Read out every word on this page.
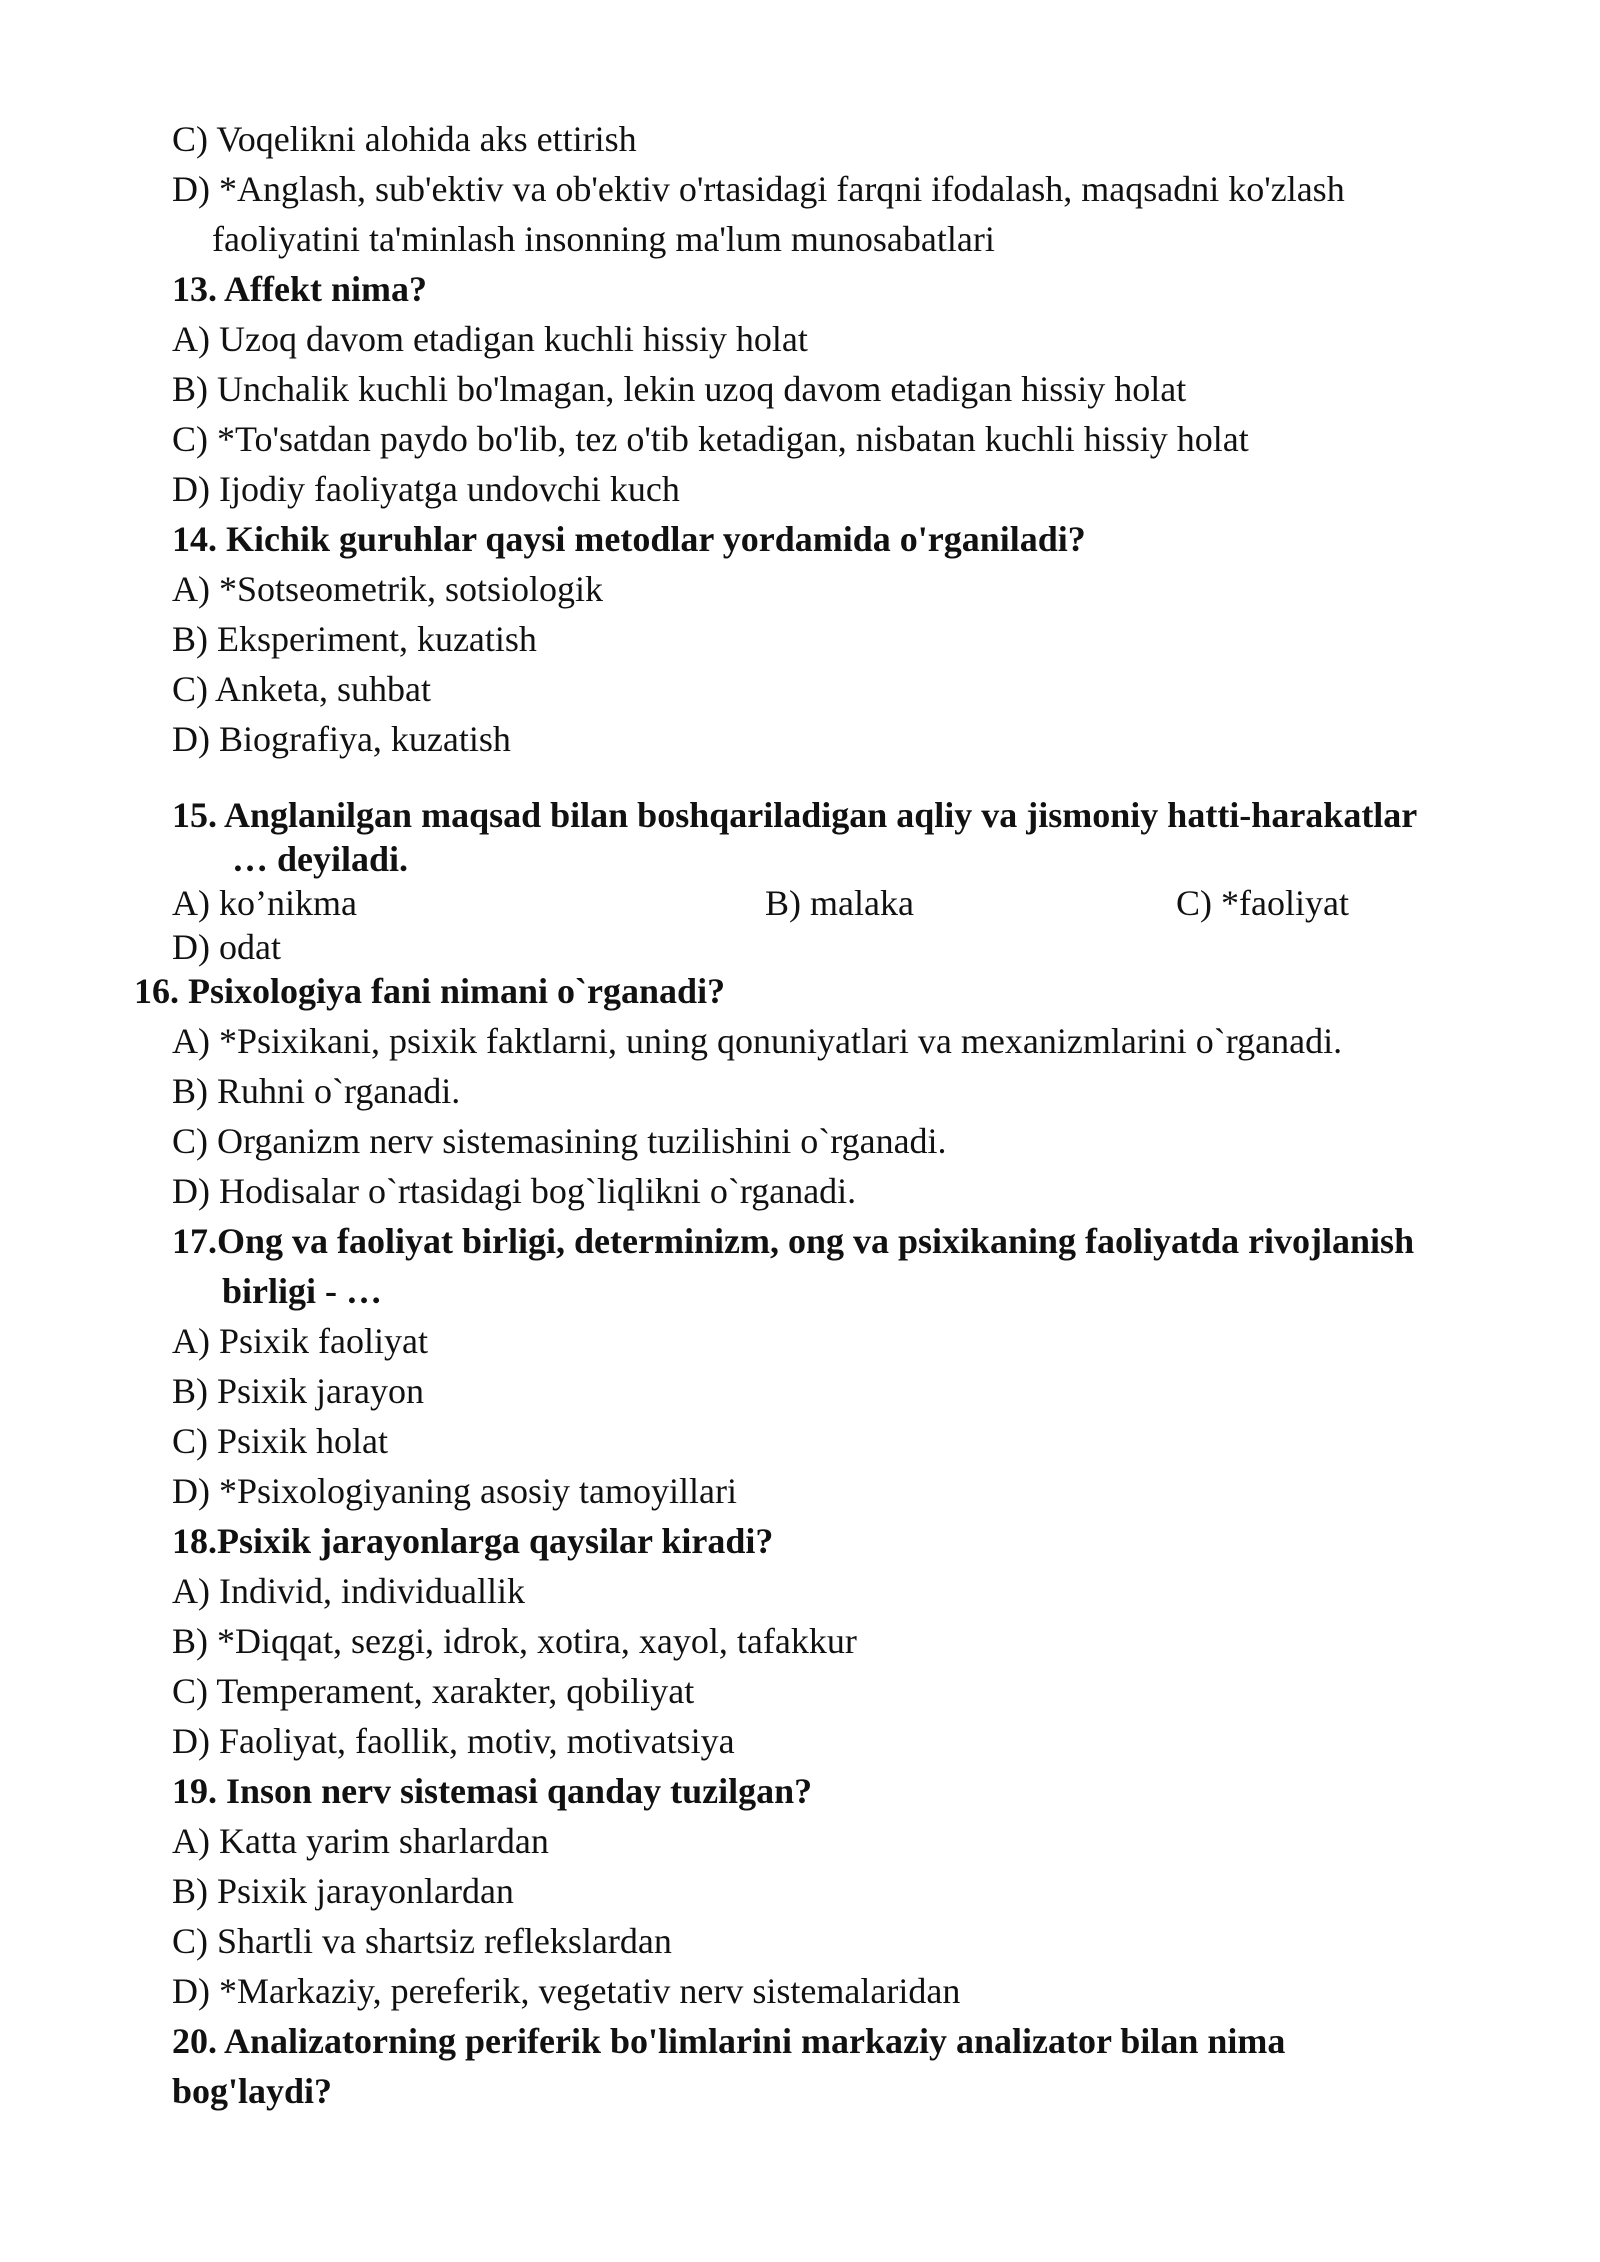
C) Voqelikni alohida aks ettirish
D) *Anglash, sub'ektiv va ob'ektiv o'rtasidagi farqni ifodalash, maqsadni ko'zlash
faoliyatini ta'minlash insonning ma'lum munosabatlari
13. Affekt nima?
A) Uzoq davom etadigan kuchli hissiy holat
B) Unchalik kuchli bo'lmagan, lekin uzoq davom etadigan hissiy holat
C) *To'satdan paydo bo'lib, tez o'tib ketadigan, nisbatan kuchli hissiy holat
D) Ijodiy faoliyatga undovchi kuch
14. Kichik guruhlar qaysi metodlar yordamida o'rganiladi?
A) *Sotseometrik, sotsiologik
B) Eksperiment, kuzatish
C) Anketa, suhbat
D) Biografiya, kuzatish
15. Anglanilgan maqsad bilan boshqariladigan aqliy va jismoniy hatti-harakatlar
… deyiladi.
A) ko’nikma	B) malaka	C) *faoliyat
D) odat
16. Psixologiya fani nimani o`rganadi?
A) *Psixikani, psixik faktlarni, uning qonuniyatlari va mexanizmlarini o`rganadi.
B) Ruhni o`rganadi.
C) Organizm nerv sistemasining tuzilishini o`rganadi.
D) Hodisalar o`rtasidagi bog`liqlikni o`rganadi.
17.Ong va faoliyat birligi, determinizm, ong va psixikaning faoliyatda rivojlanish
birligi - …
A) Psixik faoliyat
B) Psixik jarayon
C) Psixik holat
D) *Psixologiyaning asosiy tamoyillari
18.Psixik jarayonlarga qaysilar kiradi?
A) Individ, individuallik
B) *Diqqat, sezgi, idrok, xotira, xayol, tafakkur
C) Temperament, xarakter, qobiliyat
D) Faoliyat, faollik, motiv, motivatsiya
19. Inson nerv sistemasi qanday tuzilgan?
A) Katta yarim sharlardan
B) Psixik jarayonlardan
C) Shartli va shartsiz reflekslardan
D) *Markaziy, pereferik, vegetativ nerv sistemalaridan
20. Analizatorning periferik bo'limlarini markaziy analizator bilan nima
bog'laydi?
